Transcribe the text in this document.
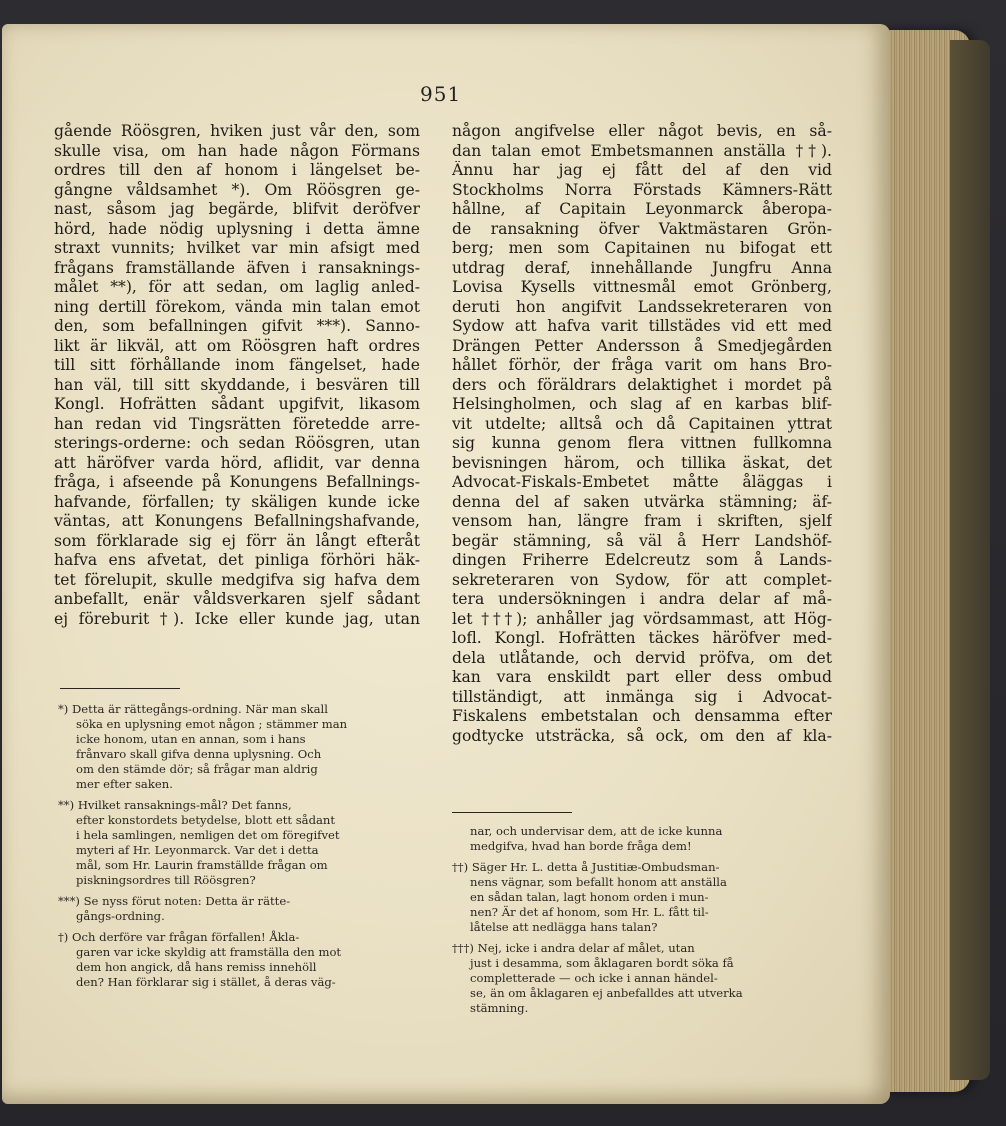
951
gående Röösgren, hviken just vår den, som
skulle visa, om han hade någon Förmans
ordres till den af honom i längelset be-
gångne våldsamhet *). Om Röösgren ge-
nast, såsom jag begärde, blifvit deröfver
hörd, hade nödig uplysning i detta ämne
straxt vunnits; hvilket var min afsigt med
frågans framställande äfven i ransaknings-
målet **), för att sedan, om laglig anled-
ning dertill förekom, vända min talan emot
den, som befallningen gifvit ***). Sanno-
likt är likväl, att om Röösgren haft ordres
till sitt förhållande inom fängelset, hade
han väl, till sitt skyddande, i besvären till
Kongl. Hofrätten sådant upgifvit, likasom
han redan vid Tingsrätten företedde arre-
sterings-orderne: och sedan Röösgren, utan
att häröfver varda hörd, aflidit, var denna
fråga, i afseende på Konungens Befallnings-
hafvande, förfallen; ty skäligen kunde icke
väntas, att Konungens Befallningshafvande,
som förklarade sig ej förr än långt efteråt
hafva ens afvetat, det pinliga förhöri häk-
tet förelupit, skulle medgifva sig hafva dem
anbefallt, enär våldsverkaren sjelf sådant
ej föreburit †). Icke eller kunde jag, utan
någon angifvelse eller något bevis, en så-
dan talan emot Embetsmannen anställa ††).
Ännu har jag ej fått del af den vid
Stockholms Norra Förstads Kämners-Rätt
hållne, af Capitain Leyonmarck åberopa-
de ransakning öfver Vaktmästaren Grön-
berg; men som Capitainen nu bifogat ett
utdrag deraf, innehållande Jungfru Anna
Lovisa Kysells vittnesmål emot Grönberg,
deruti hon angifvit Landssekreteraren von
Sydow att hafva varit tillstädes vid ett med
Drängen Petter Andersson å Smedjegården
hållet förhör, der fråga varit om hans Bro-
ders och föräldrars delaktighet i mordet på
Helsingholmen, och slag af en karbas blif-
vit utdelte; alltså och då Capitainen yttrat
sig kunna genom flera vittnen fullkomna
bevisningen härom, och tillika äskat, det
Advocat-Fiskals-Embetet måtte åläggas i
denna del af saken utvärka stämning; äf-
vensom han, längre fram i skriften, sjelf
begär stämning, så väl å Herr Landshöf-
dingen Friherre Edelcreutz som å Lands-
sekreteraren von Sydow, för att complet-
tera undersökningen i andra delar af må-
let †††); anhåller jag vördsammast, att Hög-
lofl. Kongl. Hofrätten täckes häröfver med-
dela utlåtande, och dervid pröfva, om det
kan vara enskildt part eller dess ombud
tillständigt, att inmänga sig i Advocat-
Fiskalens embetstalan och densamma efter
godtycke utsträcka, så ock, om den af kla-
*) Detta är rättegångs-ordning. När man skall
söka en uplysning emot någon ; stämmer man
icke honom, utan en annan, som i hans
frånvaro skall gifva denna uplysning. Och
om den stämde dör; så frågar man aldrig
mer efter saken.
**) Hvilket ransaknings-mål? Det fanns,
efter konstordets betydelse, blott ett sådant
i hela samlingen, nemligen det om föregifvet
myteri af Hr. Leyonmarck. Var det i detta
mål, som Hr. Laurin framställde frågan om
piskningsordres till Röösgren?
***) Se nyss förut noten: Detta är rätte-
gångs-ordning.
†) Och derföre var frågan förfallen! Åkla-
garen var icke skyldig att framställa den mot
dem hon angick, då hans remiss innehöll
den? Han förklarar sig i stället, å deras väg-
nar, och undervisar dem, att de icke kunna
medgifva, hvad han borde fråga dem!
††) Säger Hr. L. detta å Justitiæ-Ombudsman-
nens vägnar, som befallt honom att anställa
en sådan talan, lagt honom orden i mun-
nen? Är det af honom, som Hr. L. fått til-
låtelse att nedlägga hans talan?
†††) Nej, icke i andra delar af målet, utan
just i desamma, som åklagaren bordt söka få
completterade — och icke i annan händel-
se, än om åklagaren ej anbefalldes att utverka
stämning.
